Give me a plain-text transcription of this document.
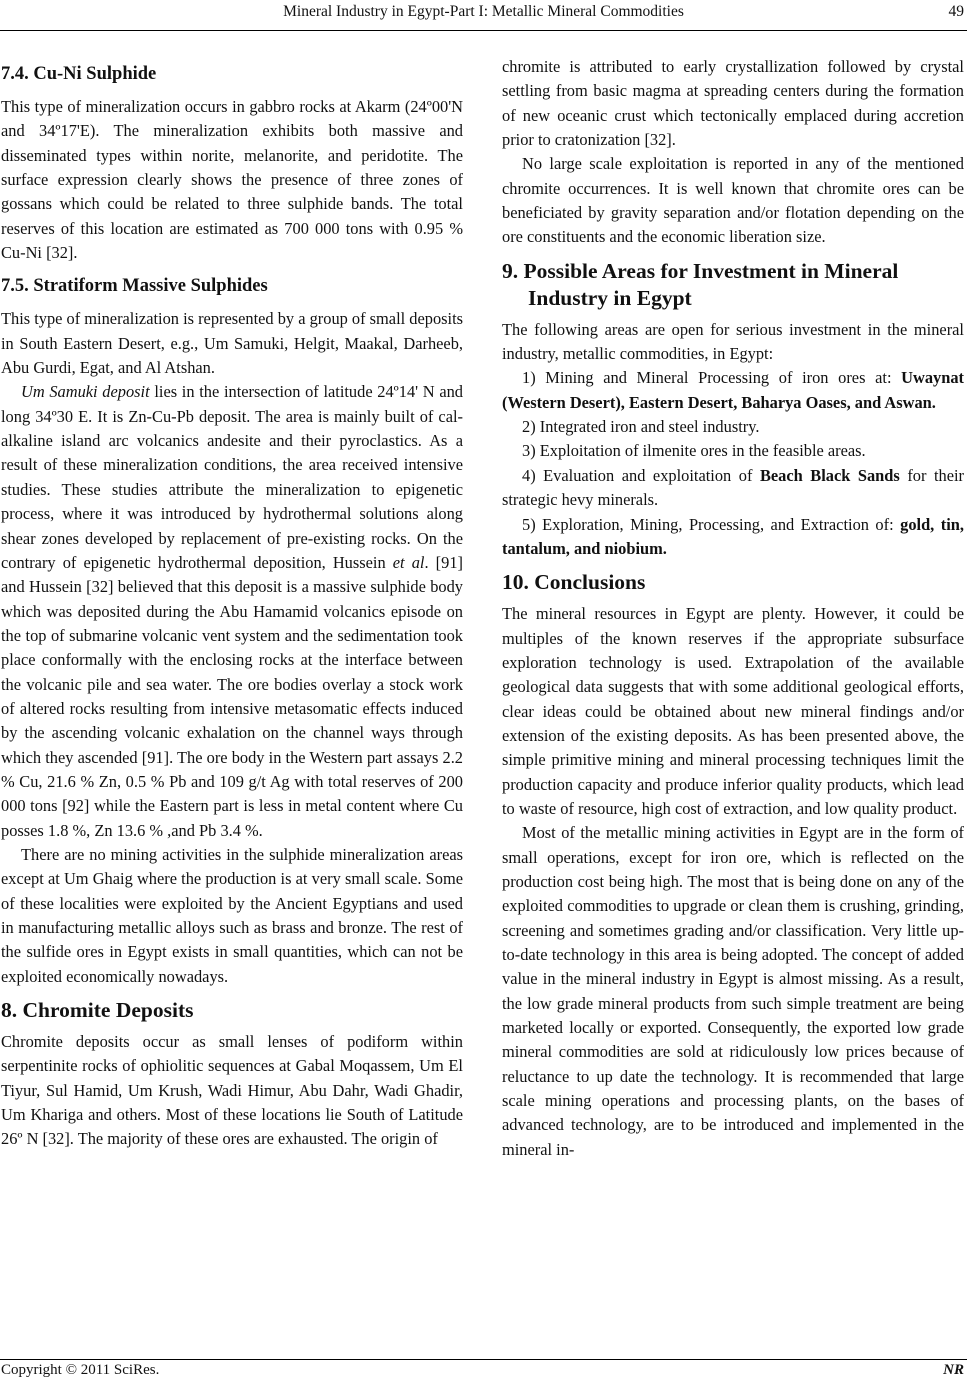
Mineral Industry in Egypt-Part I: Metallic Mineral Commodities	49
7.4. Cu-Ni Sulphide

This type of mineralization occurs in gabbro rocks at Akarm (24º00'N and 34º17'E). The mineralization exhibits both massive and disseminated types within norite, melanorite, and peridotite. The surface expression clearly shows the presence of three zones of gossans which could be related to three sulphide bands. The total reserves of this location are estimated as 700 000 tons with 0.95 % Cu-Ni [32].

7.5. Stratiform Massive Sulphides

This type of mineralization is represented by a group of small deposits in South Eastern Desert, e.g., Um Samuki, Helgit, Maakal, Darheeb, Abu Gurdi, Egat, and Al Atshan.

Um Samuki deposit lies in the intersection of latitude 24º14' N and long 34º30 E. It is Zn-Cu-Pb deposit. The area is mainly built of cal-alkaline island arc volcanics andesite and their pyroclastics. As a result of these mineralization conditions, the area received intensive studies. These studies attribute the mineralization to epigenetic process, where it was introduced by hydrothermal solutions along shear zones developed by replacement of pre-existing rocks. On the contrary of epigenetic hydrothermal deposition, Hussein et al. [91] and Hussein [32] believed that this deposit is a massive sulphide body which was deposited during the Abu Hamamid volcanics episode on the top of submarine volcanic vent system and the sedimentation took place conformally with the enclosing rocks at the interface between the volcanic pile and sea water. The ore bodies overlay a stock work of altered rocks resulting from intensive metasomatic effects induced by the ascending volcanic exhalation on the channel ways through which they ascended [91]. The ore body in the Western part assays 2.2 % Cu, 21.6 % Zn, 0.5 % Pb and 109 g/t Ag with total reserves of 200 000 tons [92] while the Eastern part is less in metal content where Cu posses 1.8 %, Zn 13.6 % ,and Pb 3.4 %.

There are no mining activities in the sulphide mineralization areas except at Um Ghaig where the production is at very small scale. Some of these localities were exploited by the Ancient Egyptians and used in manufacturing metallic alloys such as brass and bronze. The rest of the sulfide ores in Egypt exists in small quantities, which can not be exploited economically nowadays.

8. Chromite Deposits

Chromite deposits occur as small lenses of podiform within serpentinite rocks of ophiolitic sequences at Gabal Moqassem, Um El Tiyur, Sul Hamid, Um Krush, Wadi Himur, Abu Dahr, Wadi Ghadir, Um Khariga and others. Most of these locations lie South of Latitude 26º N [32]. The majority of these ores are exhausted. The origin of

chromite is attributed to early crystallization followed by crystal settling from basic magma at spreading centers during the formation of new oceanic crust which tectonically emplaced during accretion prior to cratonization [32].

No large scale exploitation is reported in any of the mentioned chromite occurrences. It is well known that chromite ores can be beneficiated by gravity separation and/or flotation depending on the ore constituents and the economic liberation size.

9. Possible Areas for Investment in Mineral Industry in Egypt

The following areas are open for serious investment in the mineral industry, metallic commodities, in Egypt:

1) Mining and Mineral Processing of iron ores at: Uwaynat (Western Desert), Eastern Desert, Baharya Oases, and Aswan.

2) Integrated iron and steel industry.

3) Exploitation of ilmenite ores in the feasible areas.

4) Evaluation and exploitation of Beach Black Sands for their strategic hevy minerals.

5) Exploration, Mining, Processing, and Extraction of: gold, tin, tantalum, and niobium.

10. Conclusions

The mineral resources in Egypt are plenty. However, it could be multiples of the known reserves if the appropriate subsurface exploration technology is used. Extrapolation of the available geological data suggests that with some additional geological efforts, clear ideas could be obtained about new mineral findings and/or extension of the existing deposits. As has been presented above, the simple primitive mining and mineral processing techniques limit the production capacity and produce inferior quality products, which lead to waste of resource, high cost of extraction, and low quality product.

Most of the metallic mining activities in Egypt are in the form of small operations, except for iron ore, which is reflected on the production cost being high. The most that is being done on any of the exploited commodities to upgrade or clean them is crushing, grinding, screening and sometimes grading and/or classification. Very little up-to-date technology in this area is being adopted. The concept of added value in the mineral industry in Egypt is almost missing. As a result, the low grade mineral products from such simple treatment are being marketed locally or exported. Consequently, the exported low grade mineral commodities are sold at ridiculously low prices because of reluctance to up date the technology. It is recommended that large scale mining operations and processing plants, on the bases of advanced technology, are to be introduced and implemented in the mineral in-

Copyright © 2011 SciRes.	NR
